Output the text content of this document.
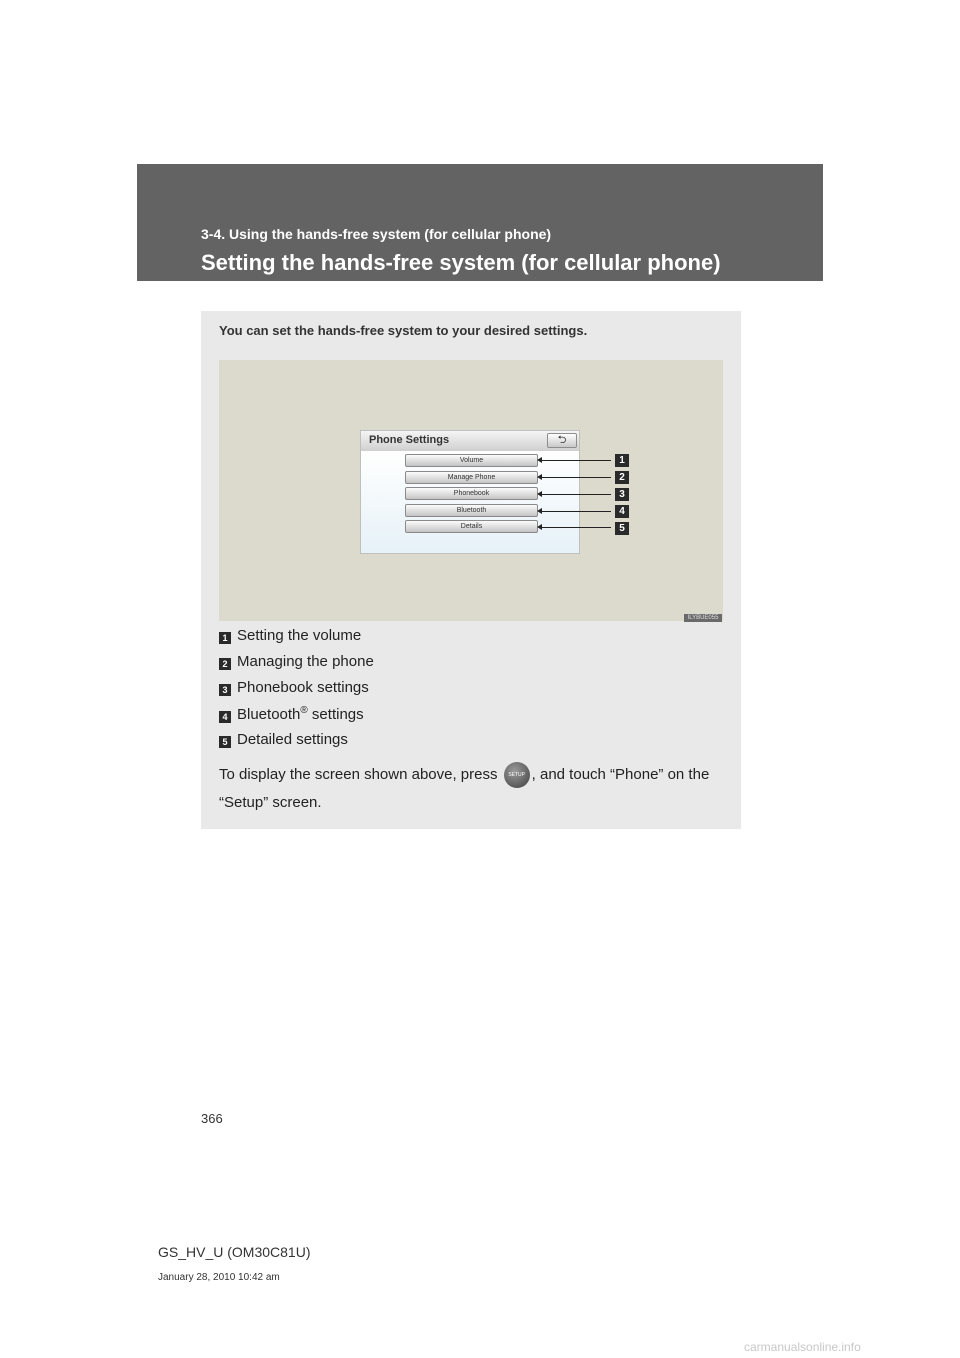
3-4. Using the hands-free system (for cellular phone)
Setting the hands-free system (for cellular phone)
You can set the hands-free system to your desired settings.
Phone Settings	⮌
Volume
Manage Phone
Phonebook
Bluetooth
Details
1
2
3
4
5
ILYBUE055
1 Setting the volume
2 Managing the phone
3 Phonebook settings
4 Bluetooth® settings
5 Detailed settings
To display the screen shown above, press SETUP , and touch “Phone” on the “Setup” screen.
366
GS_HV_U (OM30C81U)
January 28, 2010 10:42 am
carmanualsonline.info
